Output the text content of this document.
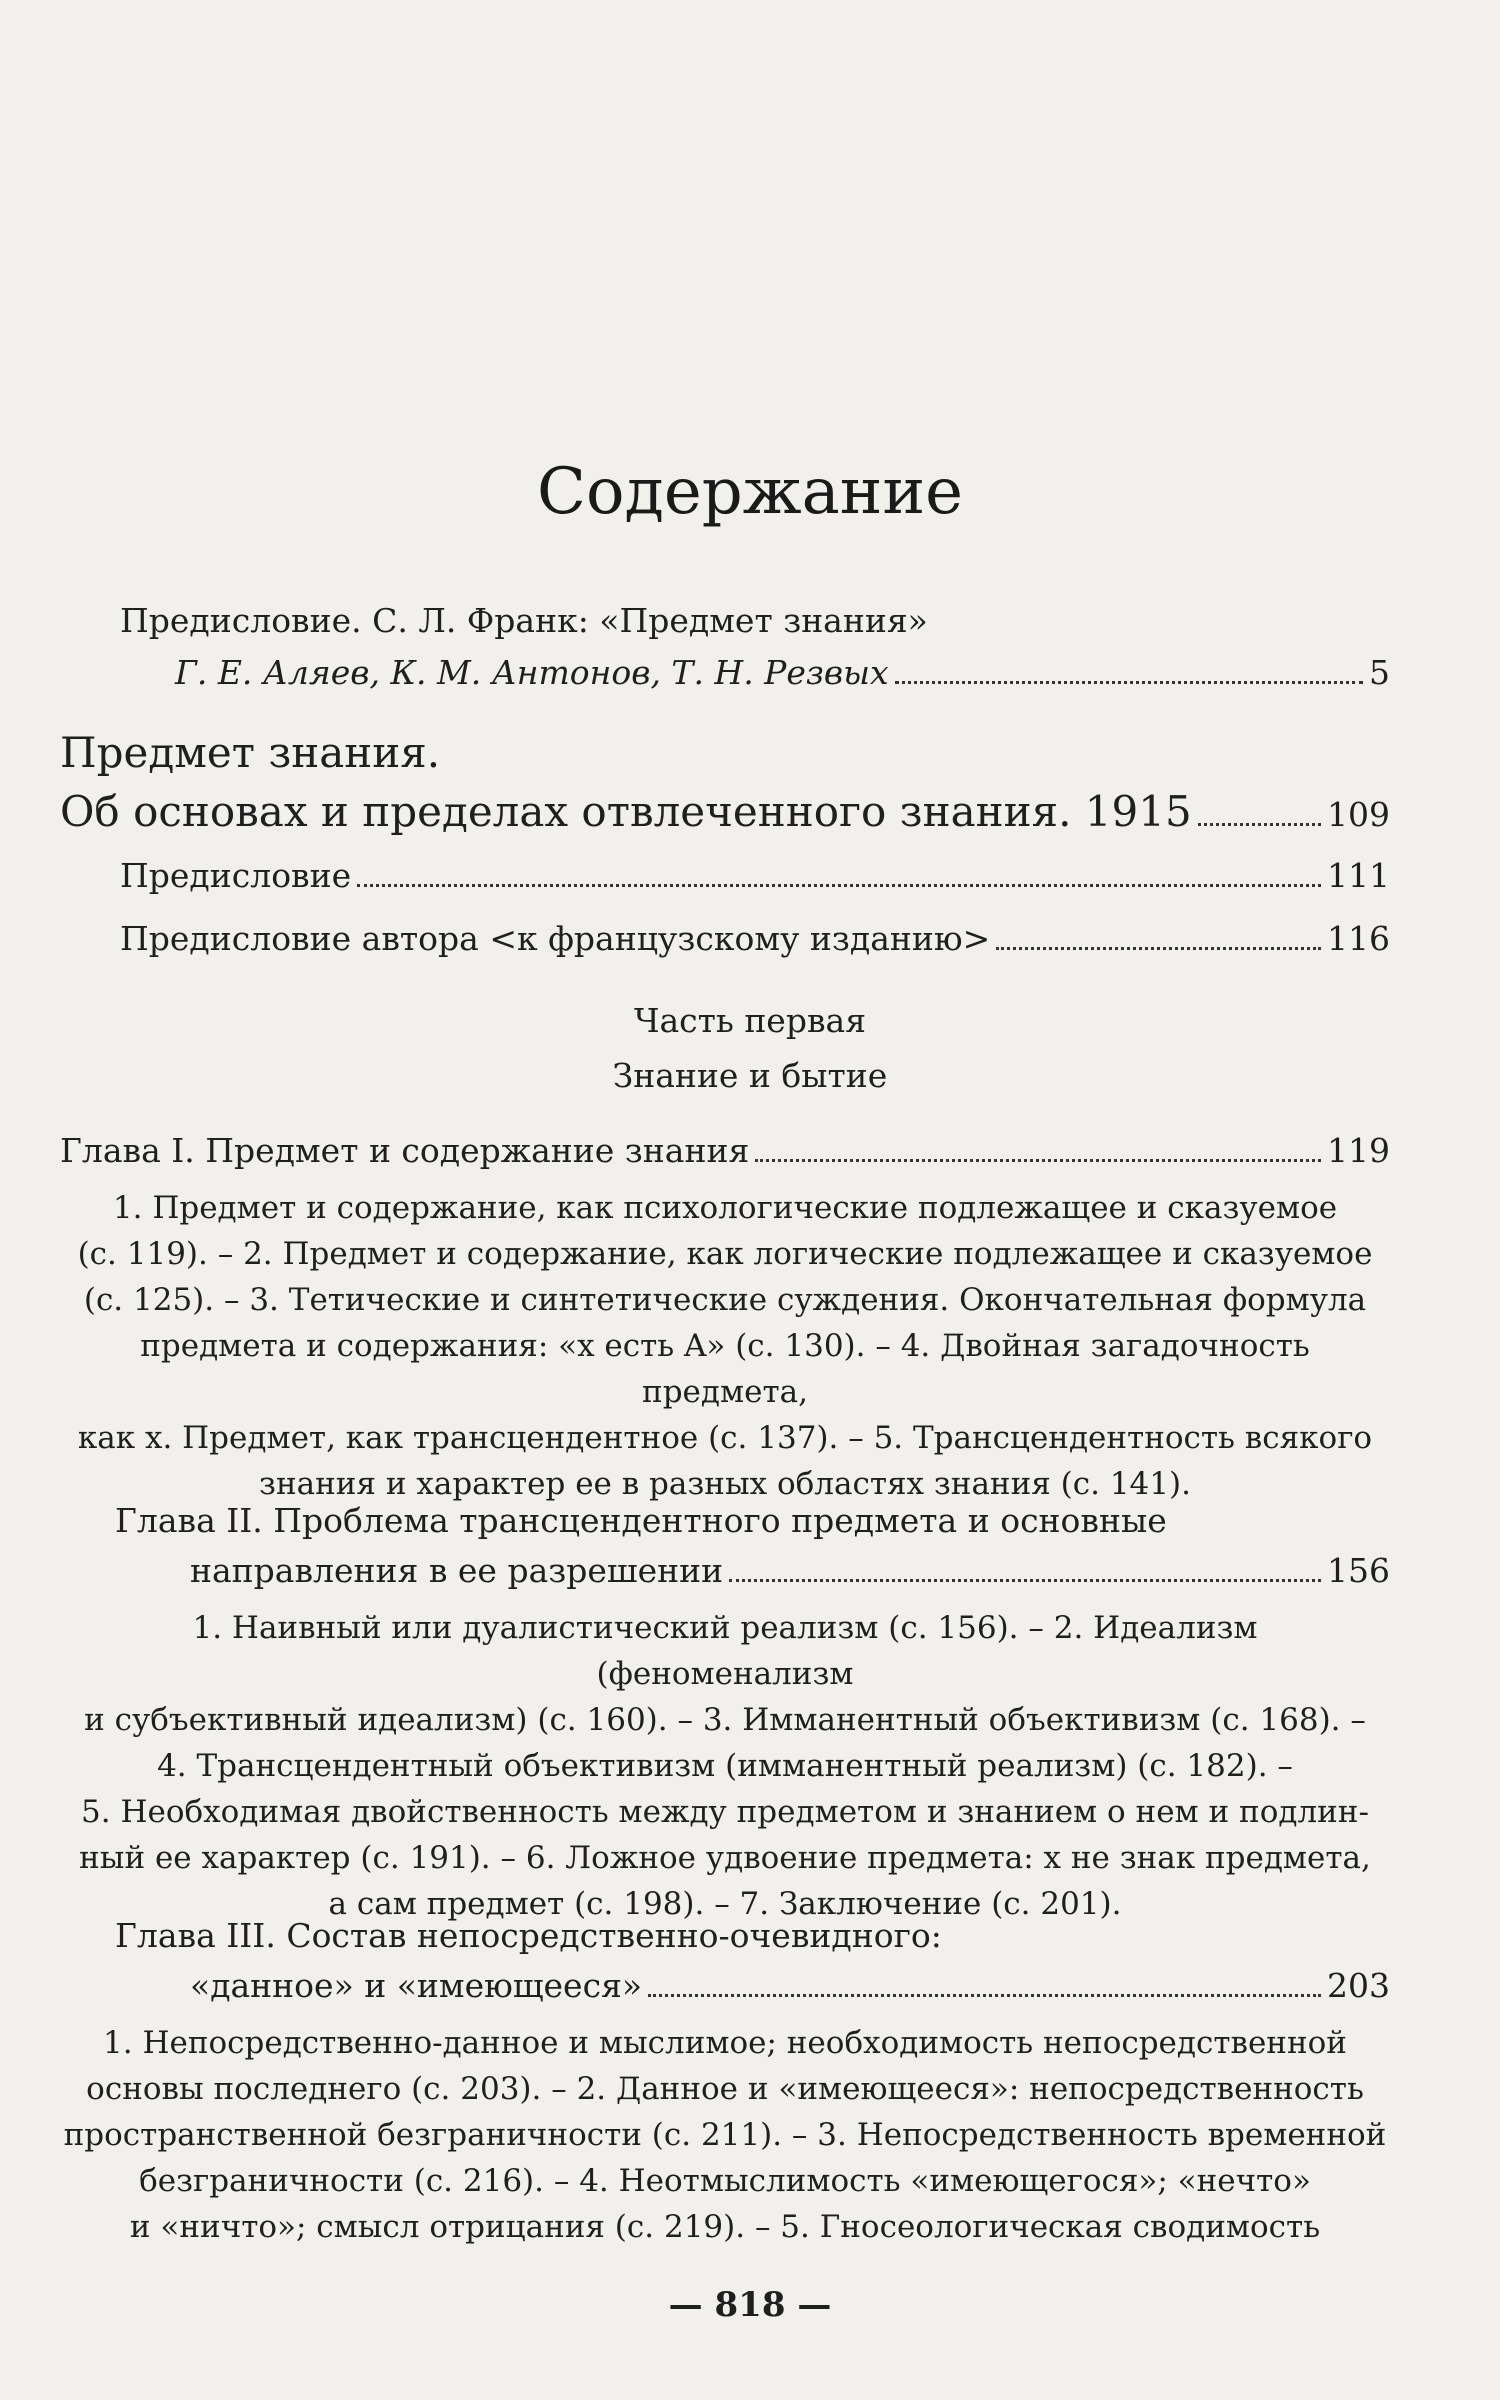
Содержание
Предисловие. С. Л. Франк: «Предмет знания»
Г. Е. Аляев, К. М. Антонов, Т. Н. Резвых	5
Предмет знания.
Об основах и пределах отвлеченного знания. 1915	109
Предисловие	111
Предисловие автора <к французскому изданию>	116
Часть первая
Знание и бытие
Глава I. Предмет и содержание знания	119
1. Предмет и содержание, как психологические подлежащее и сказуемое
(с. 119). – 2. Предмет и содержание, как логические подлежащее и сказуемое
(с. 125). – 3. Тетические и синтетические суждения. Окончательная формула
предмета и содержания: «x есть A» (с. 130). – 4. Двойная загадочность предмета,
как x. Предмет, как трансцендентное (с. 137). – 5. Трансцендентность всякого
знания и характер ее в разных областях знания (с. 141).
Глава II. Проблема трансцендентного предмета и основные
направления в ее разрешении	156
1. Наивный или дуалистический реализм (с. 156). – 2. Идеализм (феноменализм
и субъективный идеализм) (с. 160). – 3. Имманентный объективизм (с. 168). –
4. Трансцендентный объективизм (имманентный реализм) (с. 182). –
5. Необходимая двойственность между предметом и знанием о нем и подлин-
ный ее характер (с. 191). – 6. Ложное удвоение предмета: x не знак предмета,
а сам предмет (с. 198). – 7. Заключение (с. 201).
Глава III. Состав непосредственно-очевидного:
«данное» и «имеющееся»	203
1. Непосредственно-данное и мыслимое; необходимость непосредственной
основы последнего (с. 203). – 2. Данное и «имеющееся»: непосредственность
пространственной безграничности (с. 211). – 3. Непосредственность временной
безграничности (с. 216). – 4. Неотмыслимость «имеющегося»; «нечто»
и «ничто»; смысл отрицания (с. 219). – 5. Гносеологическая сводимость
— 818 —
